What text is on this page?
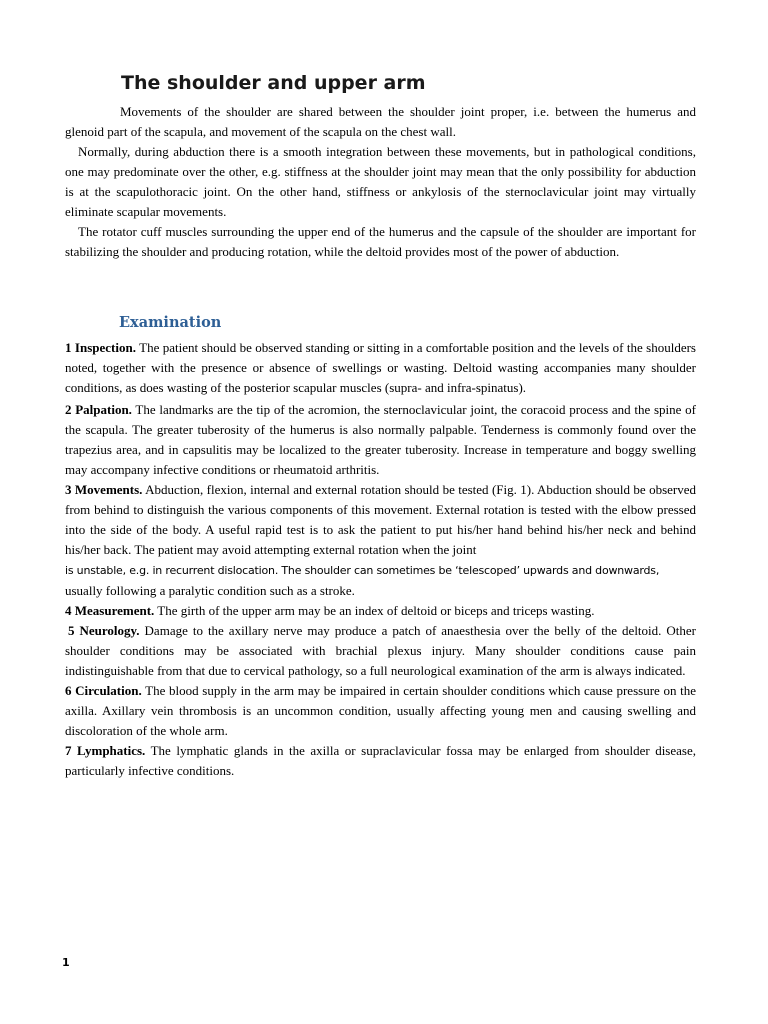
The shoulder and upper arm

Movements of the shoulder are shared between the shoulder joint proper, i.e. between the humerus and glenoid part of the scapula, and movement of the scapula on the chest wall.

Normally, during abduction there is a smooth integration between these movements, but in pathological conditions, one may predominate over the other, e.g. stiffness at the shoulder joint may mean that the only possibility for abduction is at the scapulothoracic joint. On the other hand, stiffness or ankylosis of the sternoclavicular joint may virtually eliminate scapular movements.

The rotator cuff muscles surrounding the upper end of the humerus and the capsule of the shoulder are important for stabilizing the shoulder and producing rotation, while the deltoid provides most of the power of abduction.

Examination

1 Inspection. The patient should be observed standing or sitting in a comfortable position and the levels of the shoulders noted, together with the presence or absence of swellings or wasting. Deltoid wasting accompanies many shoulder conditions, as does wasting of the posterior scapular muscles (supra- and infra-spinatus).

2 Palpation. The landmarks are the tip of the acromion, the sternoclavicular joint, the coracoid process and the spine of the scapula. The greater tuberosity of the humerus is also normally palpable. Tenderness is commonly found over the trapezius area, and in capsulitis may be localized to the greater tuberosity. Increase in temperature and boggy swelling may accompany infective conditions or rheumatoid arthritis.

3 Movements. Abduction, flexion, internal and external rotation should be tested (Fig. 1). Abduction should be observed from behind to distinguish the various components of this movement. External rotation is tested with the elbow pressed into the side of the body. A useful rapid test is to ask the patient to put his/her hand behind his/her neck and behind his/her back. The patient may avoid attempting external rotation when the joint
is unstable, e.g. in recurrent dislocation. The shoulder can sometimes be ‘telescoped’ upwards and downwards,
usually following a paralytic condition such as a stroke.

4 Measurement. The girth of the upper arm may be an index of deltoid or biceps and triceps wasting.

5 Neurology. Damage to the axillary nerve may produce a patch of anaesthesia over the belly of the deltoid. Other shoulder conditions may be associated with brachial plexus injury. Many shoulder conditions cause pain indistinguishable from that due to cervical pathology, so a full neurological examination of the arm is always indicated.

6 Circulation. The blood supply in the arm may be impaired in certain shoulder conditions which cause pressure on the axilla. Axillary vein thrombosis is an uncommon condition, usually affecting young men and causing swelling and discoloration of the whole arm.

7 Lymphatics. The lymphatic glands in the axilla or supraclavicular fossa may be enlarged from shoulder disease, particularly infective conditions.

1
